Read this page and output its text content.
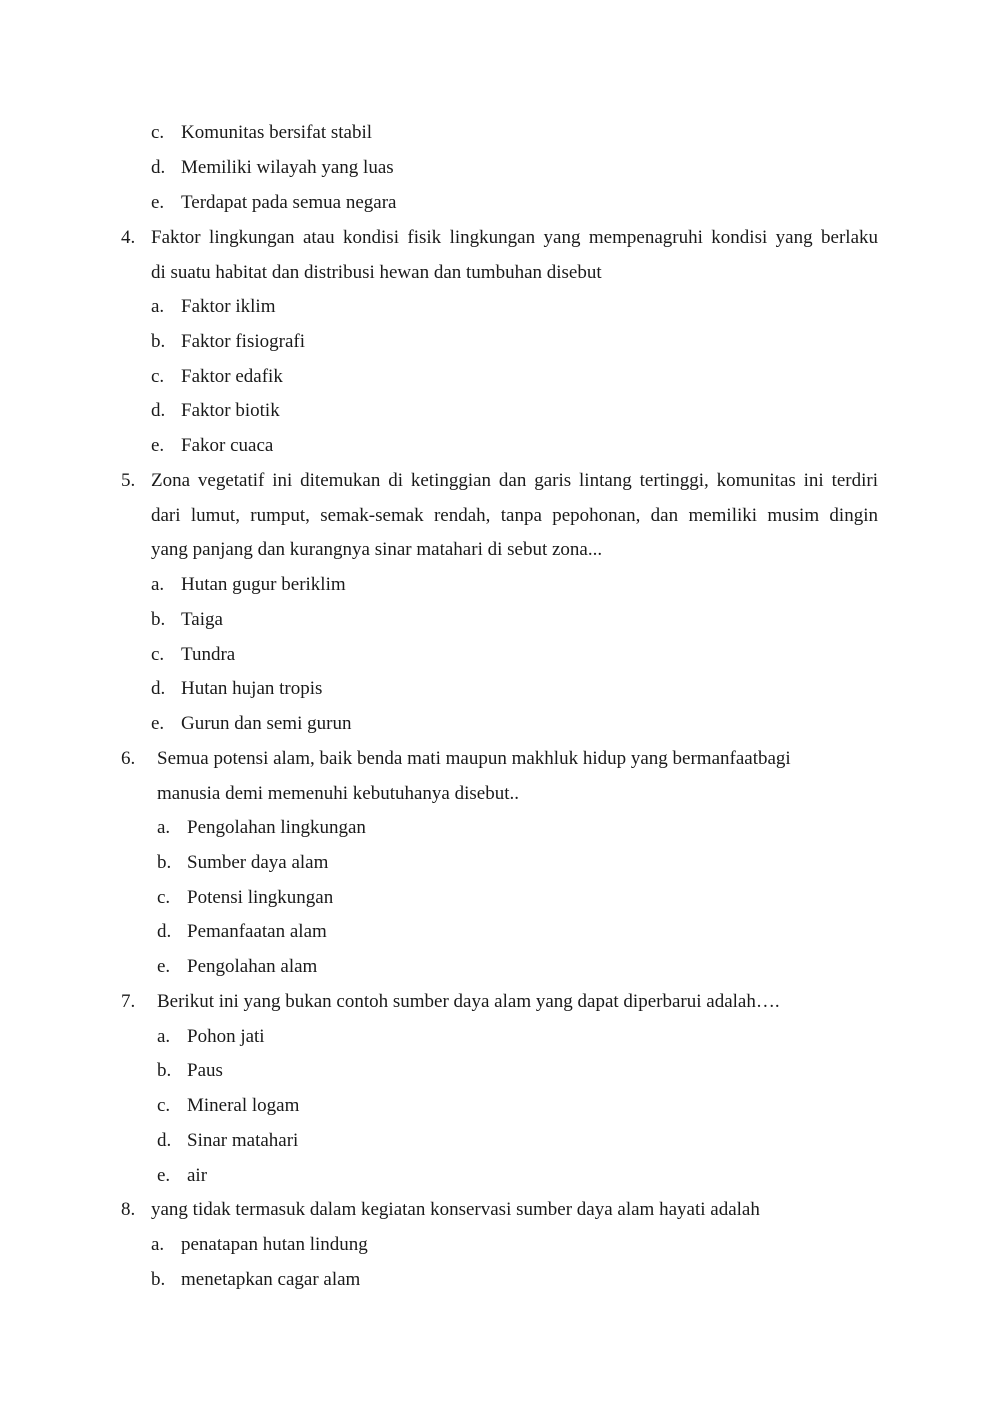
c. Komunitas bersifat stabil
d. Memiliki wilayah yang luas
e. Terdapat pada semua negara
4. Faktor lingkungan atau kondisi fisik lingkungan yang mempenagruhi kondisi yang berlaku
di suatu habitat dan distribusi hewan dan tumbuhan disebut
a. Faktor iklim
b. Faktor fisiografi
c. Faktor edafik
d. Faktor biotik
e. Fakor cuaca
5. Zona vegetatif ini ditemukan di ketinggian dan garis lintang tertinggi, komunitas ini terdiri
dari lumut, rumput, semak-semak rendah, tanpa pepohonan, dan memiliki musim dingin
yang panjang dan kurangnya sinar matahari di sebut zona...
a. Hutan gugur beriklim
b. Taiga
c. Tundra
d. Hutan hujan tropis
e. Gurun dan semi gurun
6. Semua potensi alam, baik benda mati maupun makhluk hidup yang bermanfaatbagi
manusia demi memenuhi kebutuhanya disebut..
a. Pengolahan lingkungan
b. Sumber daya alam
c. Potensi lingkungan
d. Pemanfaatan alam
e. Pengolahan alam
7. Berikut ini yang bukan contoh sumber daya alam yang dapat diperbarui adalah….
a. Pohon jati
b. Paus
c. Mineral logam
d. Sinar matahari
e. air
8. yang tidak termasuk dalam kegiatan konservasi sumber daya alam hayati adalah
a. penatapan hutan lindung
b. menetapkan cagar alam
